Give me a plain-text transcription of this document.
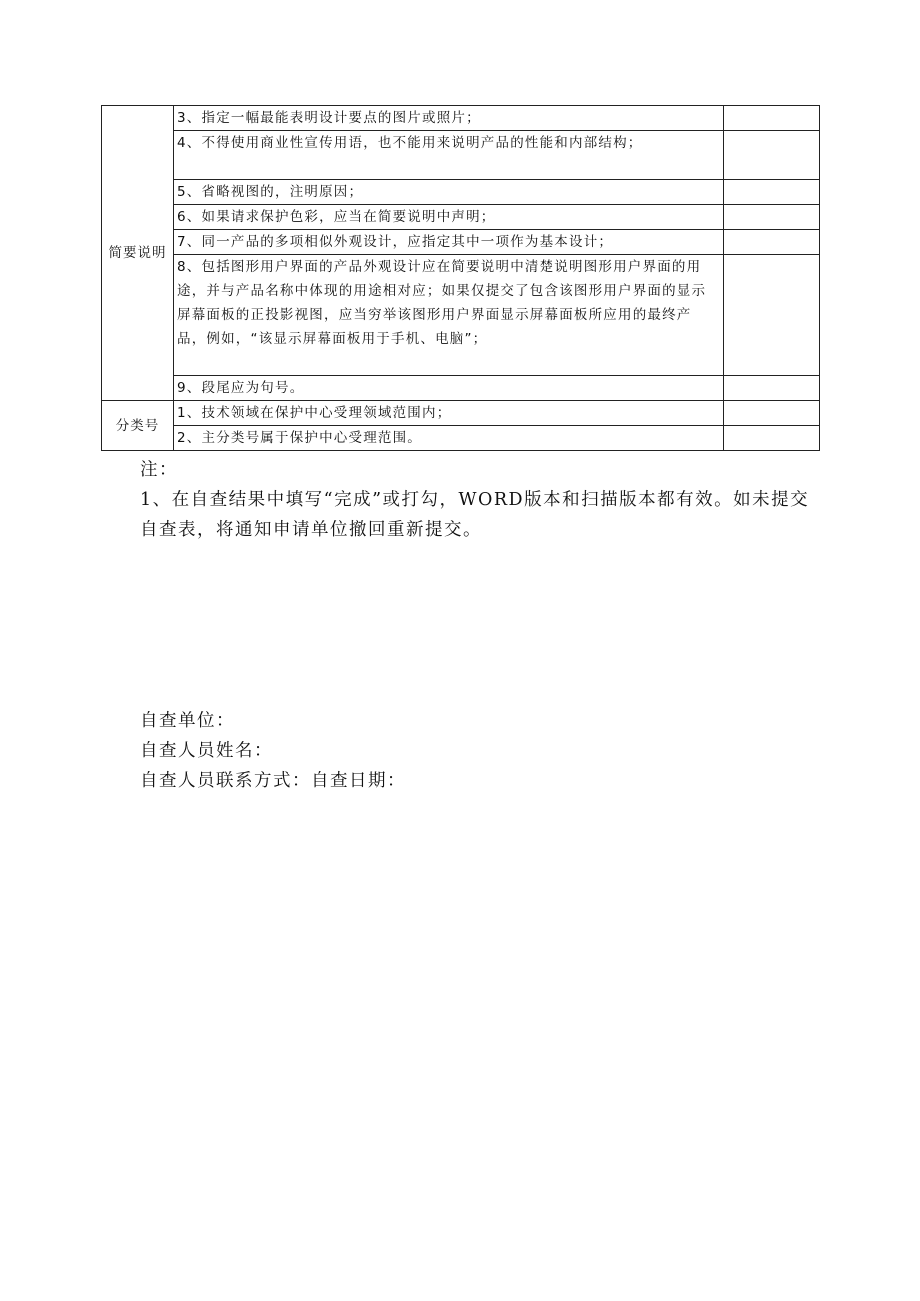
简要说明	3、指定一幅最能表明设计要点的图片或照片；	
	4、不得使用商业性宣传用语，也不能用来说明产品的性能和内部结构；	
	5、省略视图的，注明原因；	
	6、如果请求保护色彩，应当在简要说明中声明；	
	7、同一产品的多项相似外观设计，应指定其中一项作为基本设计；	
	8、包括图形用户界面的产品外观设计应在简要说明中清楚说明图形用户界面的用途，并与产品名称中体现的用途相对应；如果仅提交了包含该图形用户界面的显示屏幕面板的正投影视图，应当穷举该图形用户界面显示屏幕面板所应用的最终产品，例如，“该显示屏幕面板用于手机、电脑”；	
	9、段尾应为句号。	
分类号	1、技术领域在保护中心受理领域范围内；	
	2、主分类号属于保护中心受理范围。	
注：
1、在自查结果中填写“完成”或打勾，WORD版本和扫描版本都有效。如未提交自查表，将通知申请单位撤回重新提交。
自查单位：
自查人员姓名：
自查人员联系方式：自查日期：
